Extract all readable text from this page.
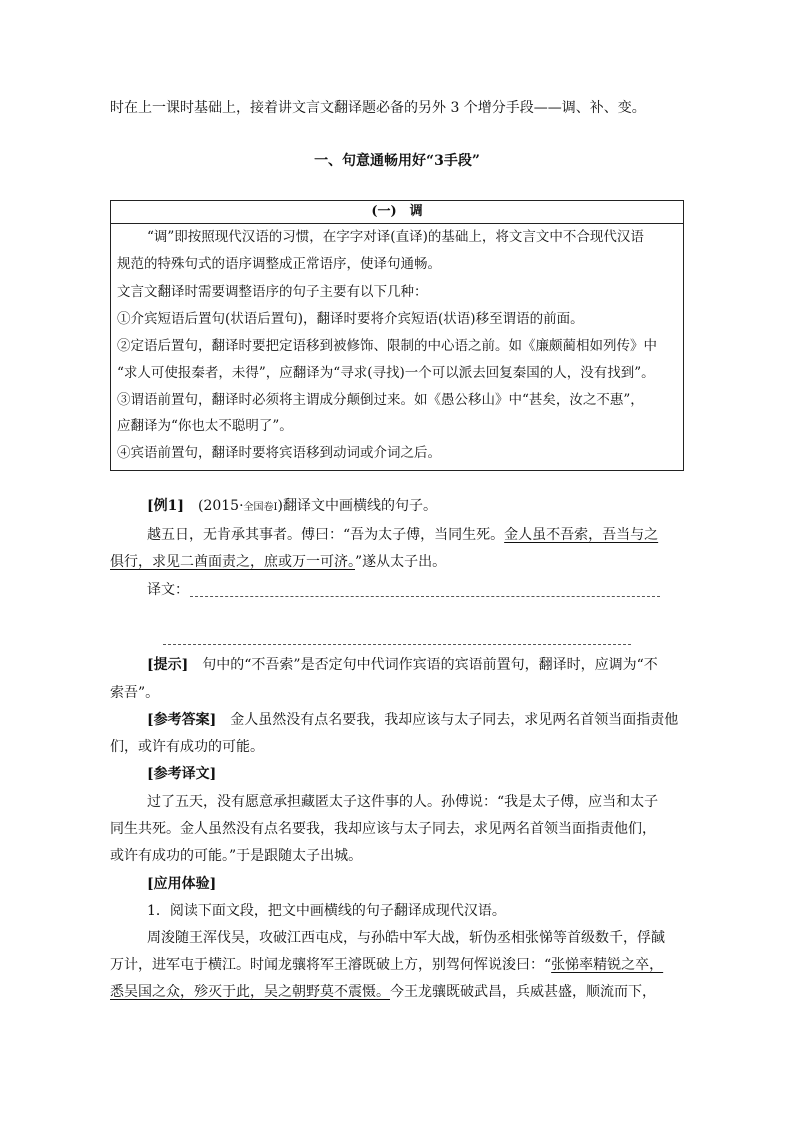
时在上一课时基础上，接着讲文言文翻译题必备的另外 3 个增分手段——调、补、变。
一、句意通畅用好“3手段”
(一)　调
“调”即按照现代汉语的习惯，在字字对译(直译)的基础上，将文言文中不合现代汉语
规范的特殊句式的语序调整成正常语序，使译句通畅。
文言文翻译时需要调整语序的句子主要有以下几种：
①介宾短语后置句(状语后置句)，翻译时要将介宾短语(状语)移至谓语的前面。
②定语后置句，翻译时要把定语移到被修饰、限制的中心语之前。如《廉颇蔺相如列传》中
“求人可使报秦者，未得”，应翻译为“寻求(寻找)一个可以派去回复秦国的人，没有找到”。
③谓语前置句，翻译时必须将主谓成分颠倒过来。如《愚公移山》中“甚矣，汝之不惠”，
应翻译为“你也太不聪明了”。
④宾语前置句，翻译时要将宾语移到动词或介词之后。
[例1]　 (2015·全国卷Ⅰ)翻译文中画横线的句子。
越五日，无肯承其事者。傅曰：“吾为太子傅，当同生死。金人虽不吾索，吾当与之
俱行，求见二酋面责之，庶或万一可济。”遂从太子出。
译文：
[提示]　句中的“不吾索”是否定句中代词作宾语的宾语前置句，翻译时，应调为“不
索吾”。
[参考答案]　金人虽然没有点名要我，我却应该与太子同去，求见两名首领当面指责他
们，或许有成功的可能。
[参考译文]
过了五天，没有愿意承担藏匿太子这件事的人。孙傅说：“我是太子傅，应当和太子
同生共死。金人虽然没有点名要我，我却应该与太子同去，求见两名首领当面指责他们，
或许有成功的可能。”于是跟随太子出城。
[应用体验]
1．阅读下面文段，把文中画横线的句子翻译成现代汉语。
周浚随王浑伐吴，攻破江西屯戍，与孙皓中军大战，斩伪丞相张悌等首级数千，俘馘
万计，进军屯于横江。时闻龙骧将军王濬既破上方，别驾何恽说浚曰：“张悌率精锐之卒，
悉吴国之众，殄灭于此，吴之朝野莫不震慑。今王龙骧既破武昌，兵威甚盛，顺流而下，
